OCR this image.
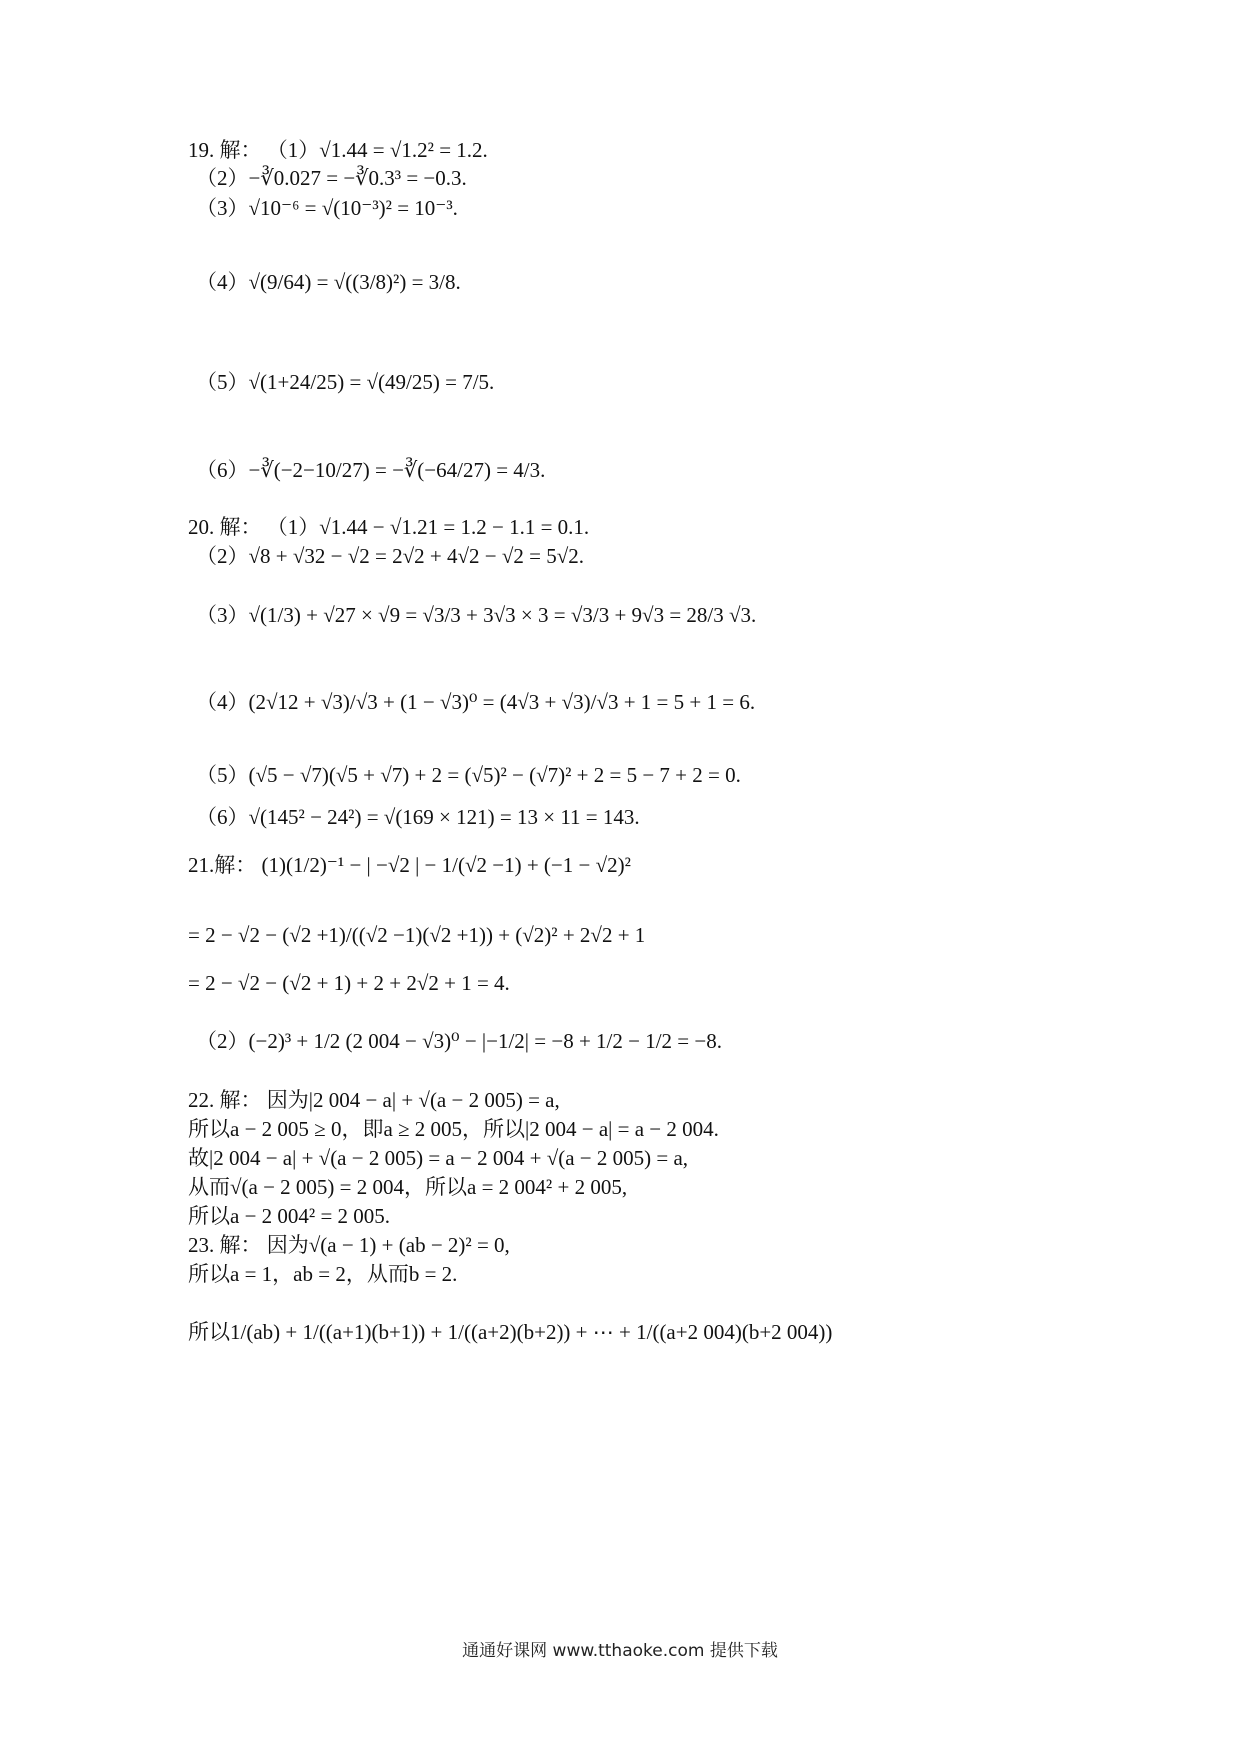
19. 解： （1）√1.44 = √1.2² = 1.2.
（2）−∛0.027 = −∛0.3³ = −0.3.
（3）√10⁻⁶ = √(10⁻³)² = 10⁻³.
（4）√(9/64) = √((3/8)²) = 3/8.
（5）√(1+24/25) = √(49/25) = 7/5.
（6）−∛(−2−10/27) = −∛(−64/27) = 4/3.
20. 解： （1）√1.44 − √1.21 = 1.2 − 1.1 = 0.1.
（2）√8 + √32 − √2 = 2√2 + 4√2 − √2 = 5√2.
（3）√(1/3) + √27 × √9 = √3/3 + 3√3 × 3 = √3/3 + 9√3 = 28/3 √3.
（4）(2√12 + √3)/√3 + (1 − √3)⁰ = (4√3 + √3)/√3 + 1 = 5 + 1 = 6.
（5）(√5 − √7)(√5 + √7) + 2 = (√5)² − (√7)² + 2 = 5 − 7 + 2 = 0.
（6）√(145² − 24²) = √(169 × 121) = 13 × 11 = 143.
21.解： (1)(1/2)⁻¹ − | −√2 | − 1/(√2 −1) + (−1 − √2)²
= 2 − √2 − (√2 +1)/((√2 −1)(√2 +1)) + (√2)² + 2√2 + 1
= 2 − √2 − (√2 + 1) + 2 + 2√2 + 1 = 4.
（2）(−2)³ + 1/2 (2 004 − √3)⁰ − |−1/2| = −8 + 1/2 − 1/2 = −8.
22. 解： 因为|2 004 − a| + √(a − 2 005) = a,
所以a − 2 005 ≥ 0，即a ≥ 2 005，所以|2 004 − a| = a − 2 004.
故|2 004 − a| + √(a − 2 005) = a − 2 004 + √(a − 2 005) = a,
从而√(a − 2 005) = 2 004，所以a = 2 004² + 2 005,
所以a − 2 004² = 2 005.
23. 解： 因为√(a − 1) + (ab − 2)² = 0,
所以a = 1，ab = 2，从而b = 2.
所以1/(ab) + 1/((a+1)(b+1)) + 1/((a+2)(b+2)) + ⋯ + 1/((a+2 004)(b+2 004))
通通好课网 www.tthaoke.com 提供下载
